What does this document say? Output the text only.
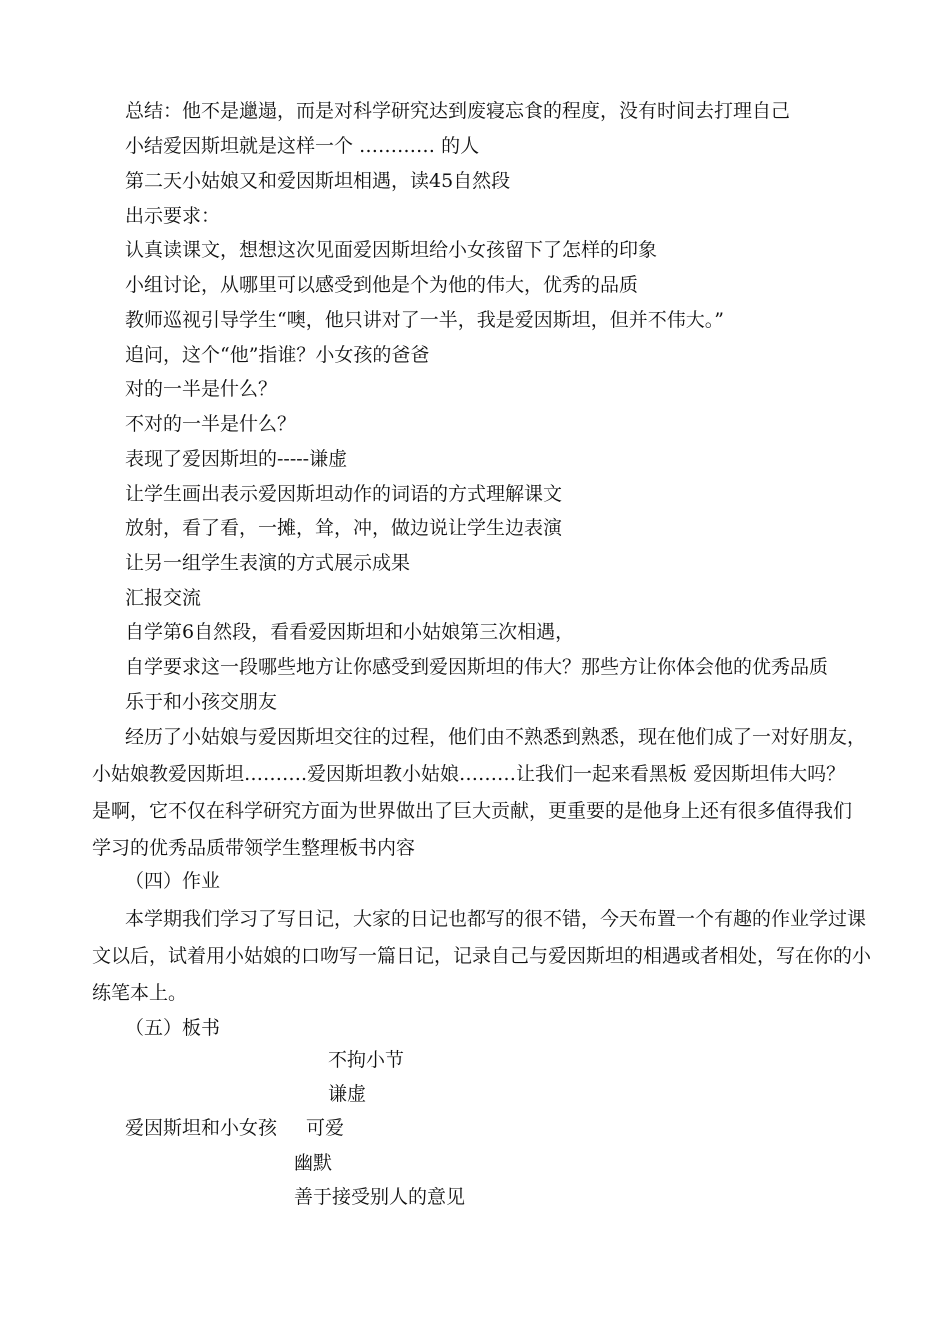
总结：他不是邋遢，而是对科学研究达到废寝忘食的程度，没有时间去打理自己
小结爱因斯坦就是这样一个 ………… 的人
第二天小姑娘又和爱因斯坦相遇，读45自然段
出示要求：
认真读课文，想想这次见面爱因斯坦给小女孩留下了怎样的印象
小组讨论，从哪里可以感受到他是个为他的伟大，优秀的品质
教师巡视引导学生“噢，他只讲对了一半，我是爱因斯坦，但并不伟大。”
追问，这个“他”指谁？小女孩的爸爸
对的一半是什么？
不对的一半是什么？
表现了爱因斯坦的-----谦虚
让学生画出表示爱因斯坦动作的词语的方式理解课文
放射，看了看，一摊，耸，冲，做边说让学生边表演
让另一组学生表演的方式展示成果
汇报交流
自学第6自然段，看看爱因斯坦和小姑娘第三次相遇，
自学要求这一段哪些地方让你感受到爱因斯坦的伟大？那些方让你体会他的优秀品质
乐于和小孩交朋友
经历了小姑娘与爱因斯坦交往的过程，他们由不熟悉到熟悉，现在他们成了一对好朋友，
小姑娘教爱因斯坦……….爱因斯坦教小姑娘………让我们一起来看黑板 爱因斯坦伟大吗？
是啊，它不仅在科学研究方面为世界做出了巨大贡献，更重要的是他身上还有很多值得我们
学习的优秀品质带领学生整理板书内容
（四）作业
本学期我们学习了写日记，大家的日记也都写的很不错，今天布置一个有趣的作业学过课
文以后，试着用小姑娘的口吻写一篇日记，记录自己与爱因斯坦的相遇或者相处，写在你的小
练笔本上。
（五）板书
不拘小节
谦虚
爱因斯坦和小女孩 可爱
幽默
善于接受别人的意见
